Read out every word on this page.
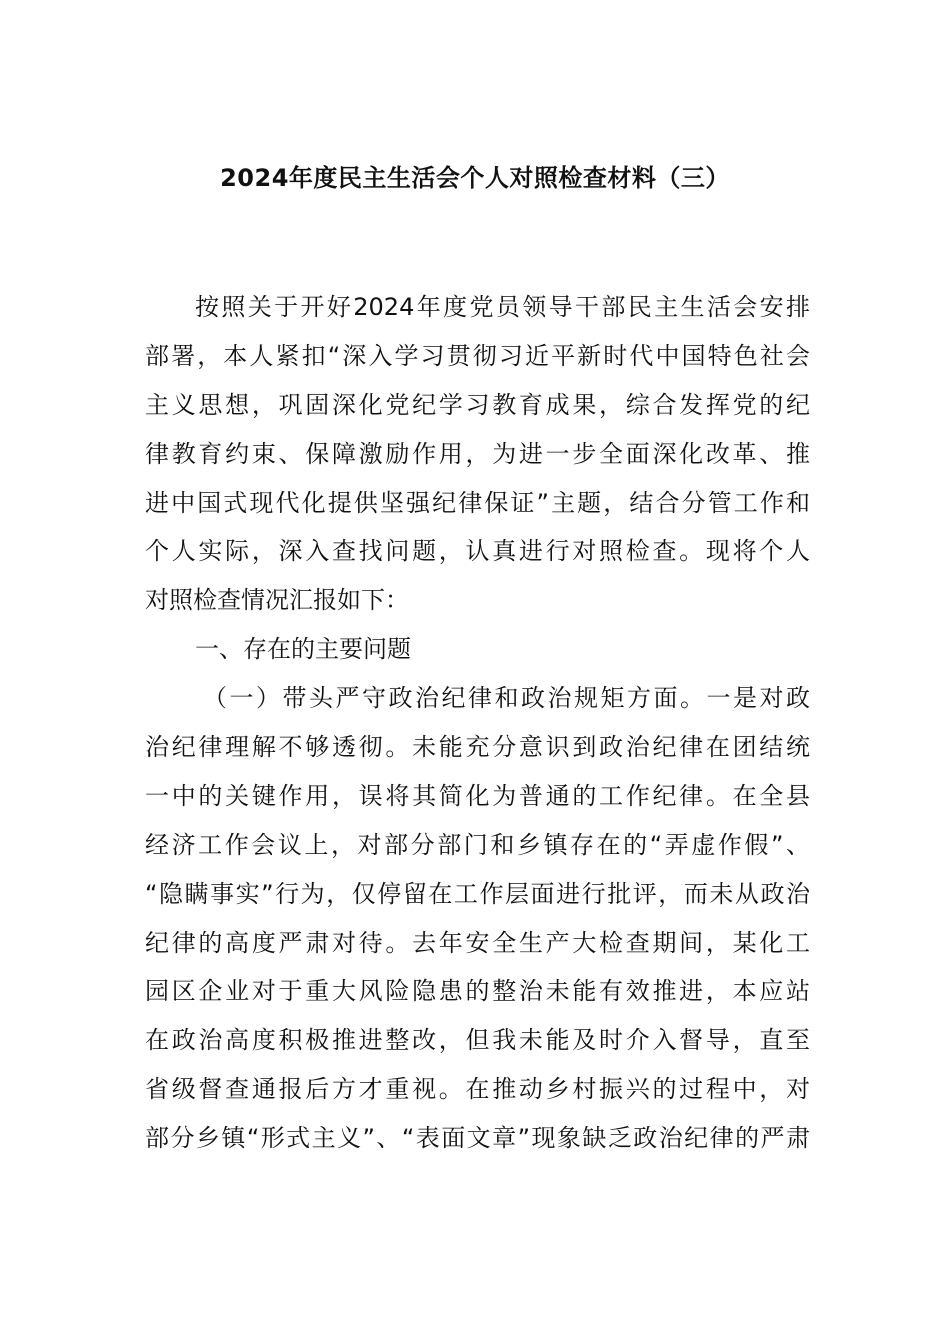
2024年度民主生活会个人对照检查材料（三）
按照关于开好2024年度党员领导干部民主生活会安排
部署，本人紧扣“深入学习贯彻习近平新时代中国特色社会
主义思想，巩固深化党纪学习教育成果，综合发挥党的纪
律教育约束、保障激励作用，为进一步全面深化改革、推
进中国式现代化提供坚强纪律保证”主题，结合分管工作和
个人实际，深入查找问题，认真进行对照检查。现将个人
对照检查情况汇报如下：
一、存在的主要问题
（一）带头严守政治纪律和政治规矩方面。一是对政
治纪律理解不够透彻。未能充分意识到政治纪律在团结统
一中的关键作用，误将其简化为普通的工作纪律。在全县
经济工作会议上，对部分部门和乡镇存在的“弄虚作假”、
“隐瞒事实”行为，仅停留在工作层面进行批评，而未从政治
纪律的高度严肃对待。去年安全生产大检查期间，某化工
园区企业对于重大风险隐患的整治未能有效推进，本应站
在政治高度积极推进整改，但我未能及时介入督导，直至
省级督查通报后方才重视。在推动乡村振兴的过程中，对
部分乡镇“形式主义”、“表面文章”现象缺乏政治纪律的严肃
